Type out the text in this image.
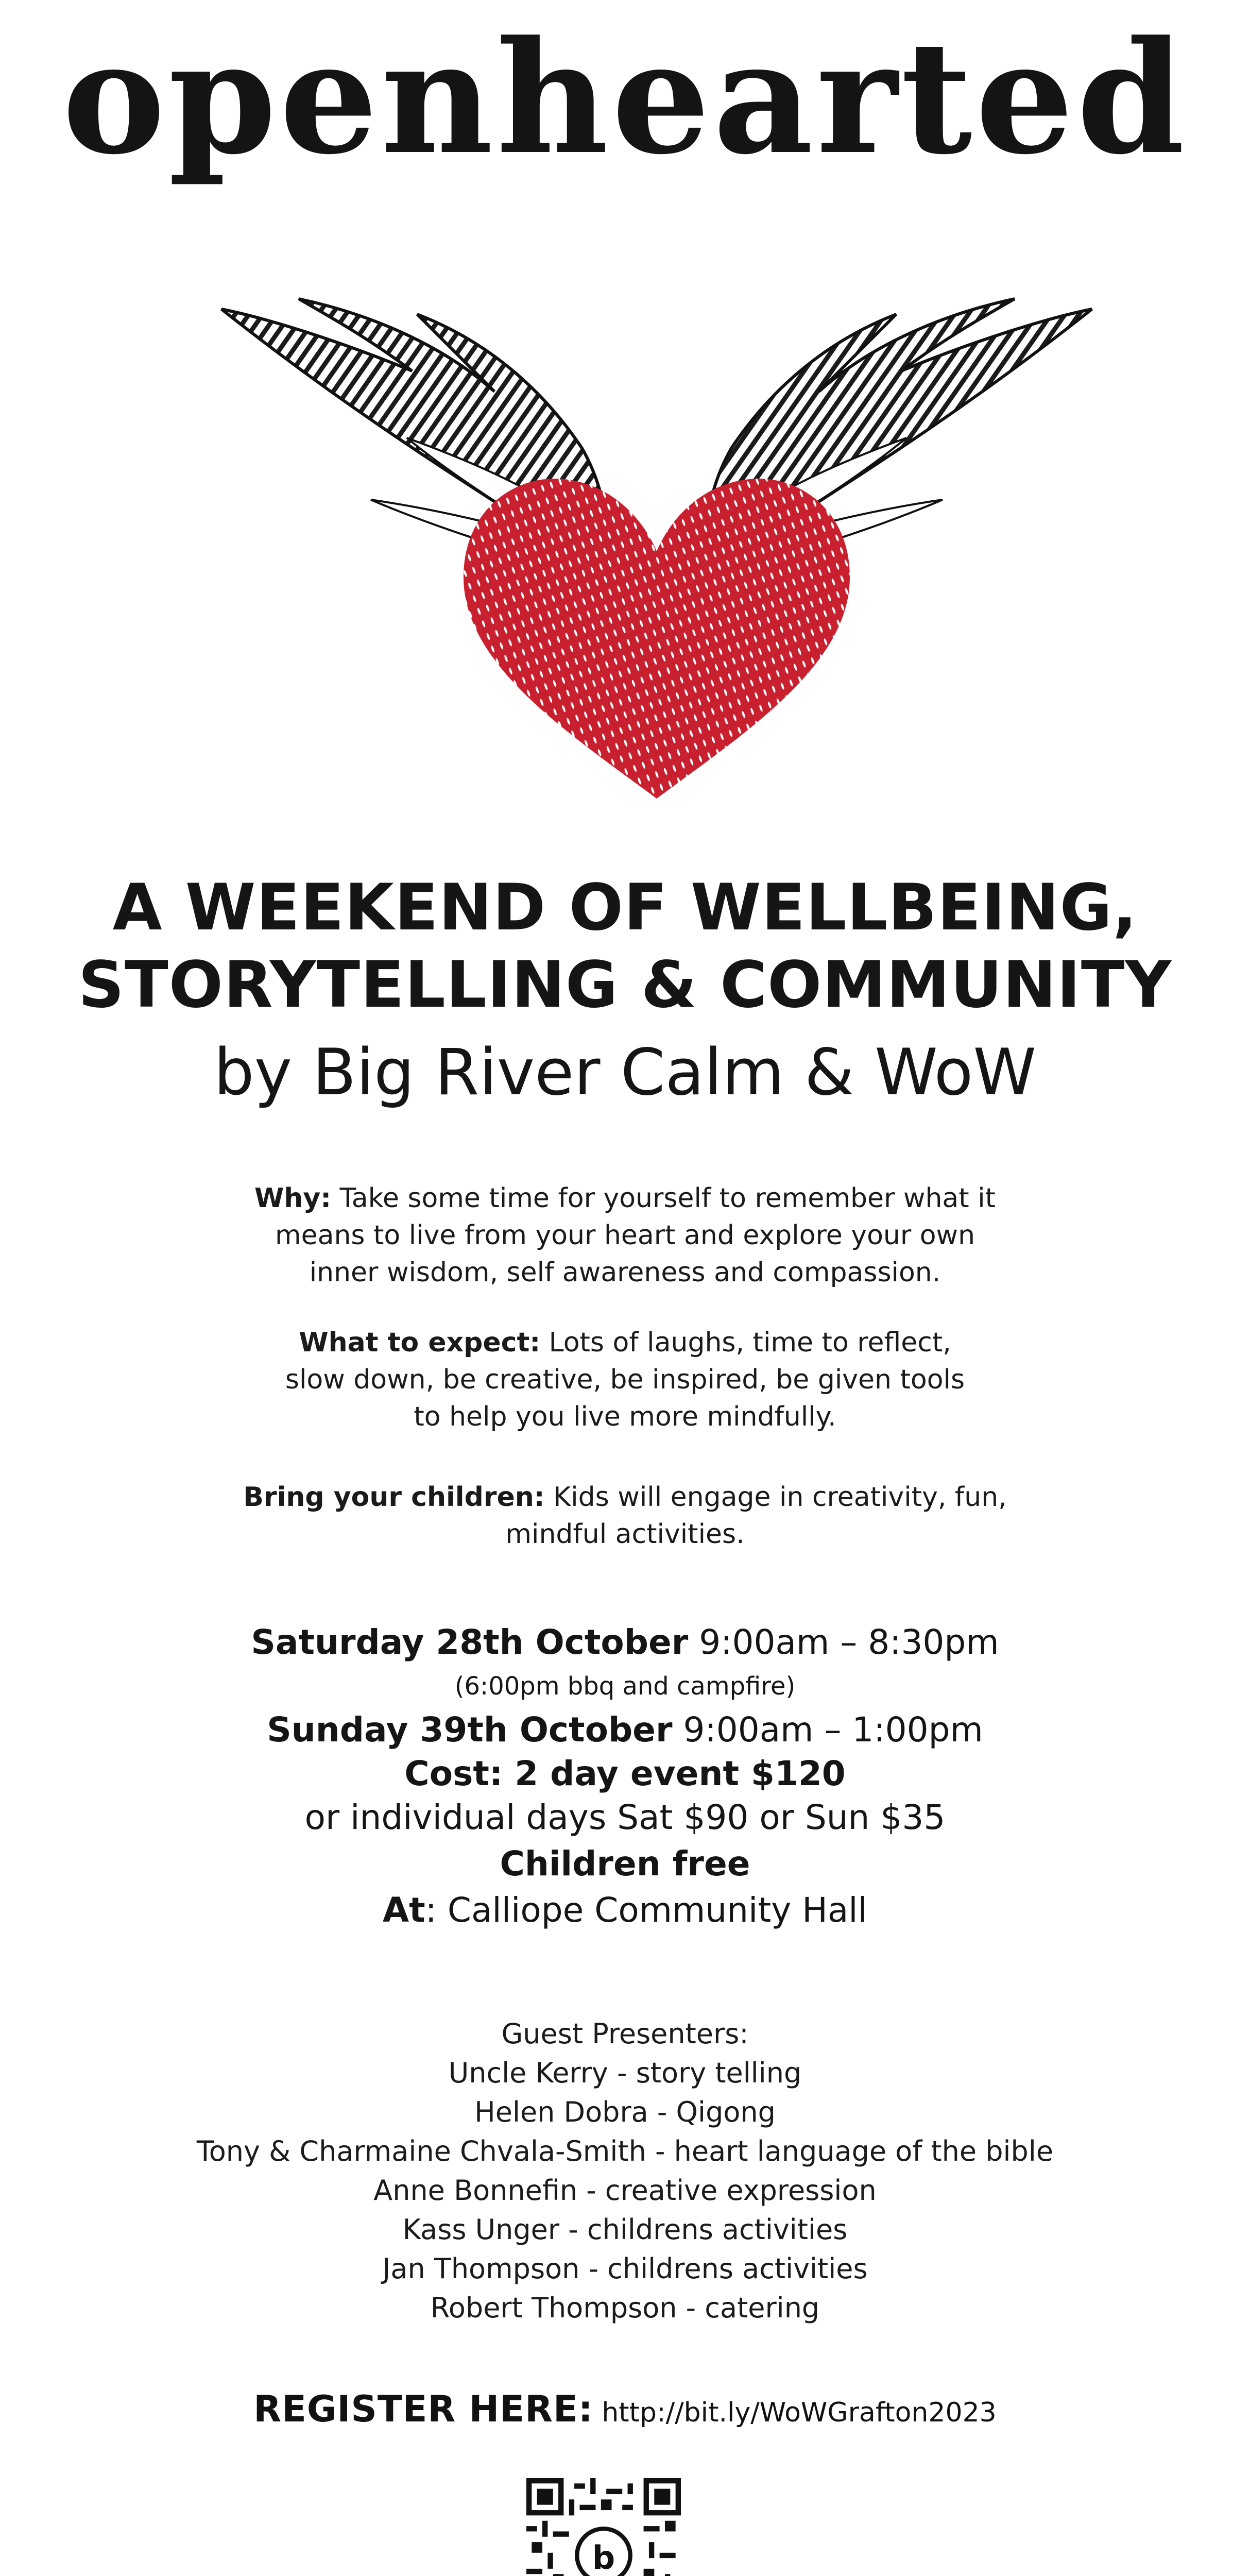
openhearted
A WEEKEND OF WELLBEING,
STORYTELLING & COMMUNITY
by Big River Calm & WoW
Why: Take some time for yourself to remember what it
means to live from your heart and explore your own
inner wisdom, self awareness and compassion.
What to expect: Lots of laughs, time to reflect,
slow down, be creative, be inspired, be given tools
to help you live more mindfully.
Bring your children: Kids will engage in creativity, fun,
mindful activities.
Saturday 28th October 9:00am – 8:30pm
(6:00pm bbq and campfire)
Sunday 39th October 9:00am – 1:00pm
Cost: 2 day event $120
or individual days Sat $90 or Sun $35
Children free
At: Calliope Community Hall
Guest Presenters:
Uncle Kerry - story telling
Helen Dobra - Qigong
Tony & Charmaine Chvala-Smith - heart language of the bible
Anne Bonnefin - creative expression
Kass Unger - childrens activities
Jan Thompson - childrens activities
Robert Thompson - catering
REGISTER HERE: http://bit.ly/WoWGrafton2023
b
